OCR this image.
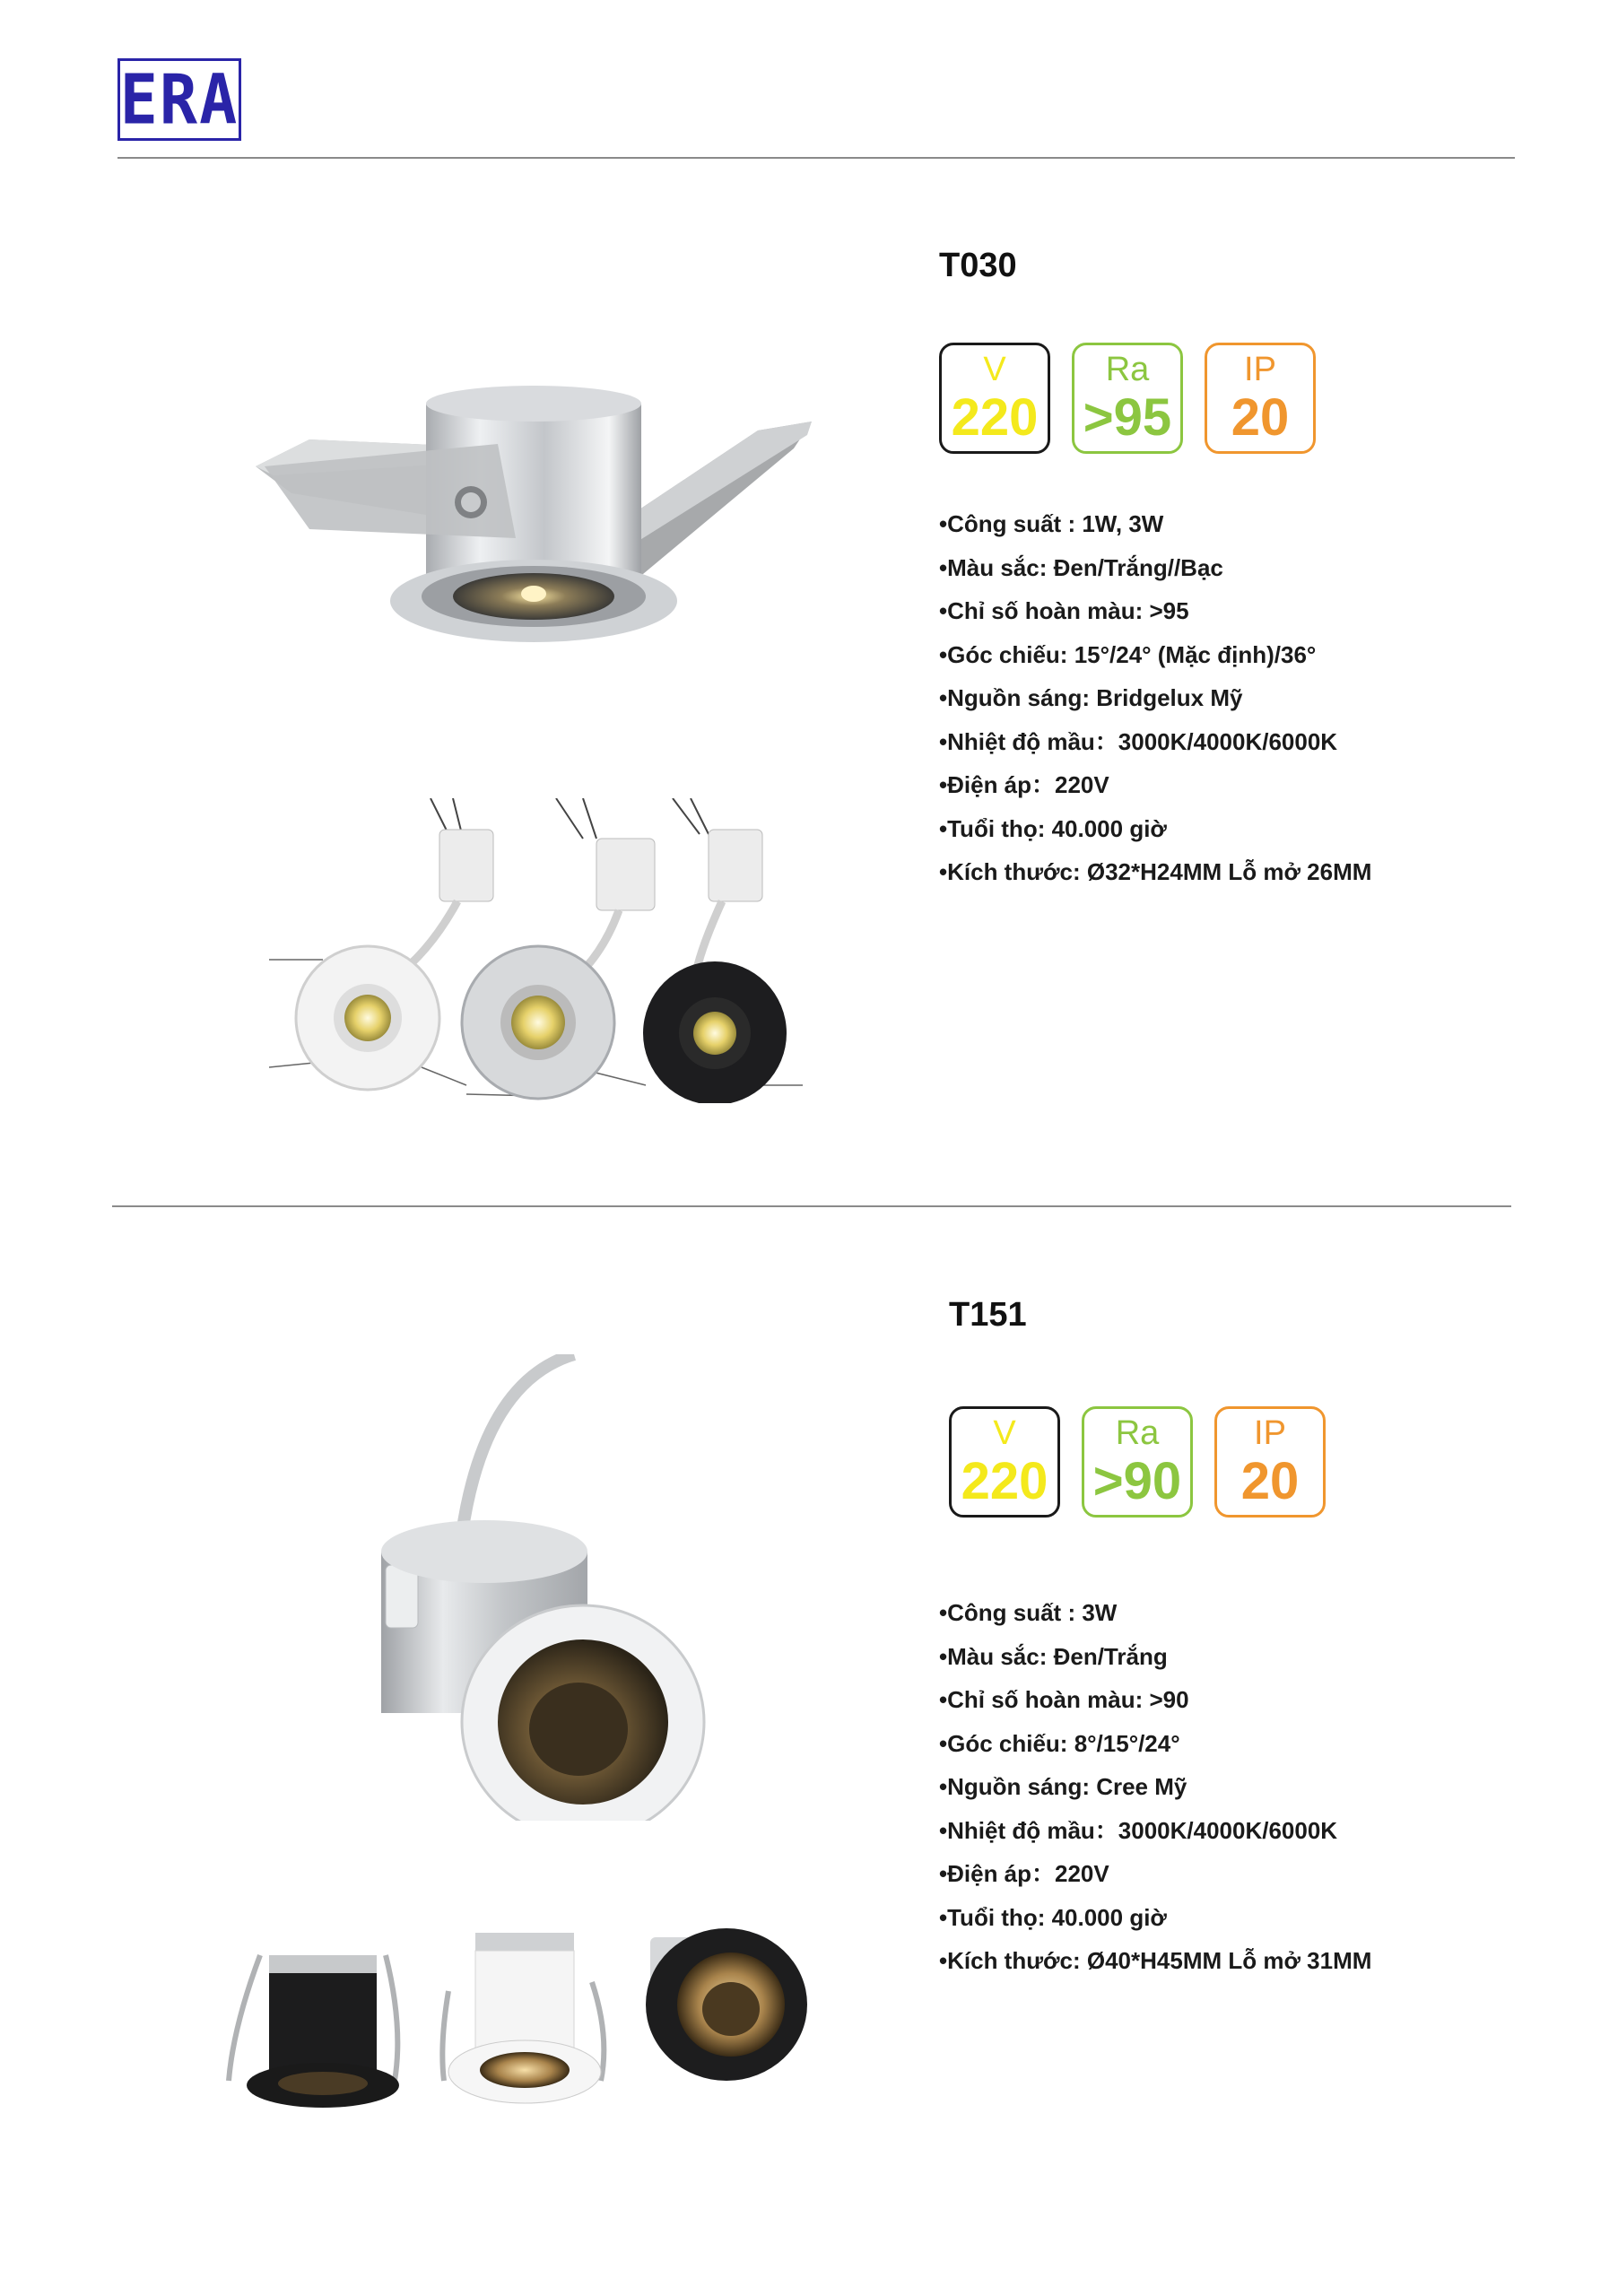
ERA
T030
V
220
Ra
>95
IP
20
• Công suất : 1W, 3W
• Màu sắc: Đen/Trắng//Bạc
• Chỉ số hoàn màu: >95
• Góc chiếu: 15°/24° (Mặc định)/36°
• Nguồn sáng: Bridgelux Mỹ
• Nhiệt độ mầu：3000K/4000K/6000K
• Điện áp：220V
• Tuổi thọ: 40.000 giờ
• Kích thước: Ø32*H24MM Lỗ mở 26MM
T151
V
220
Ra
>90
IP
20
• Công suất : 3W
• Màu sắc: Đen/Trắng
• Chỉ số hoàn màu: >90
• Góc chiếu: 8°/15°/24°
• Nguồn sáng: Cree Mỹ
• Nhiệt độ mầu：3000K/4000K/6000K
• Điện áp：220V
• Tuổi thọ: 40.000 giờ
• Kích thước: Ø40*H45MM Lỗ mở 31MM
